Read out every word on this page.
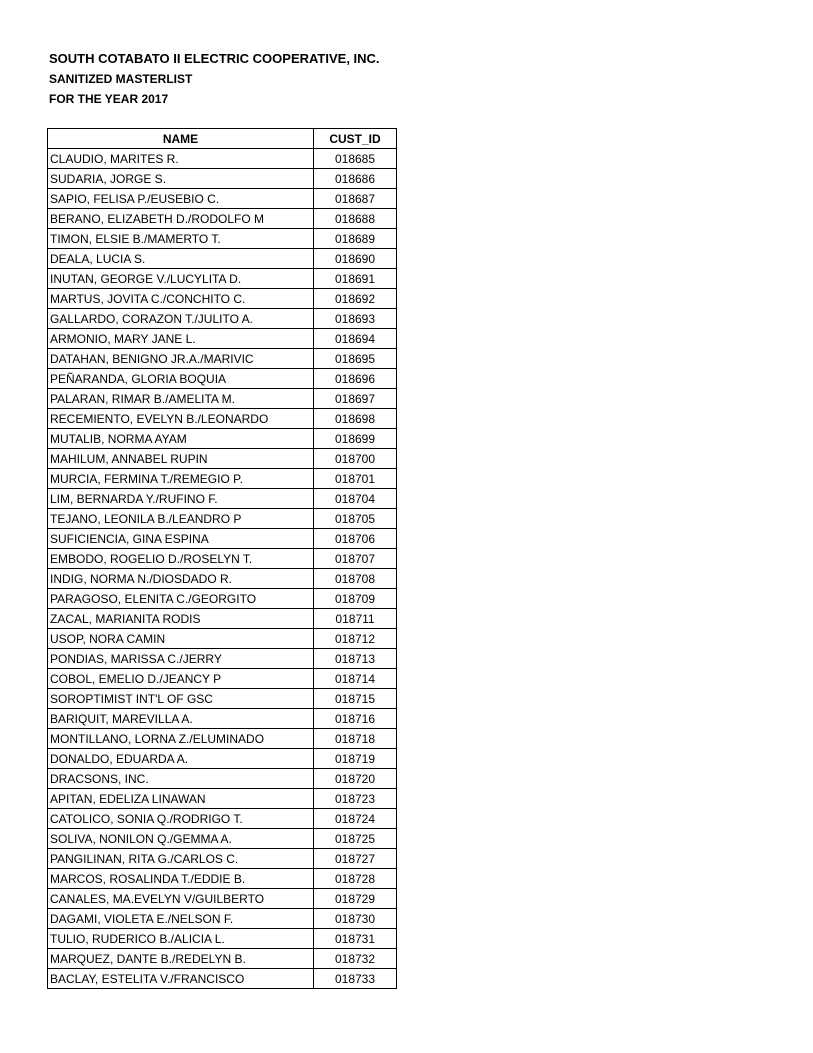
SOUTH COTABATO II ELECTRIC COOPERATIVE, INC.
SANITIZED MASTERLIST
FOR THE YEAR 2017
NAME	CUST_ID
CLAUDIO, MARITES R.	018685
SUDARIA, JORGE S.	018686
SAPIO, FELISA P./EUSEBIO C.	018687
BERANO, ELIZABETH D./RODOLFO M	018688
TIMON, ELSIE B./MAMERTO T.	018689
DEALA, LUCIA S.	018690
INUTAN, GEORGE V./LUCYLITA D.	018691
MARTUS, JOVITA C./CONCHITO C.	018692
GALLARDO, CORAZON T./JULITO A.	018693
ARMONIO, MARY JANE L.	018694
DATAHAN, BENIGNO JR.A./MARIVIC	018695
PEÑARANDA, GLORIA BOQUIA	018696
PALARAN, RIMAR B./AMELITA M.	018697
RECEMIENTO, EVELYN B./LEONARDO	018698
MUTALIB, NORMA AYAM	018699
MAHILUM, ANNABEL RUPIN	018700
MURCIA, FERMINA T./REMEGIO P.	018701
LIM, BERNARDA Y./RUFINO F.	018704
TEJANO, LEONILA B./LEANDRO P	018705
SUFICIENCIA, GINA ESPINA	018706
EMBODO, ROGELIO D./ROSELYN T.	018707
INDIG, NORMA N./DIOSDADO R.	018708
PARAGOSO, ELENITA C./GEORGITO	018709
ZACAL, MARIANITA RODIS	018711
USOP, NORA CAMIN	018712
PONDIAS, MARISSA C./JERRY	018713
COBOL, EMELIO D./JEANCY P	018714
SOROPTIMIST INT'L OF GSC	018715
BARIQUIT, MAREVILLA A.	018716
MONTILLANO, LORNA Z./ELUMINADO	018718
DONALDO, EDUARDA A.	018719
DRACSONS, INC.	018720
APITAN, EDELIZA LINAWAN	018723
CATOLICO, SONIA Q./RODRIGO T.	018724
SOLIVA, NONILON Q./GEMMA A.	018725
PANGILINAN, RITA G./CARLOS C.	018727
MARCOS, ROSALINDA T./EDDIE B.	018728
CANALES, MA.EVELYN V/GUILBERTO	018729
DAGAMI, VIOLETA E./NELSON F.	018730
TULIO, RUDERICO B./ALICIA L.	018731
MARQUEZ, DANTE B./REDELYN B.	018732
BACLAY, ESTELITA V./FRANCISCO	018733
